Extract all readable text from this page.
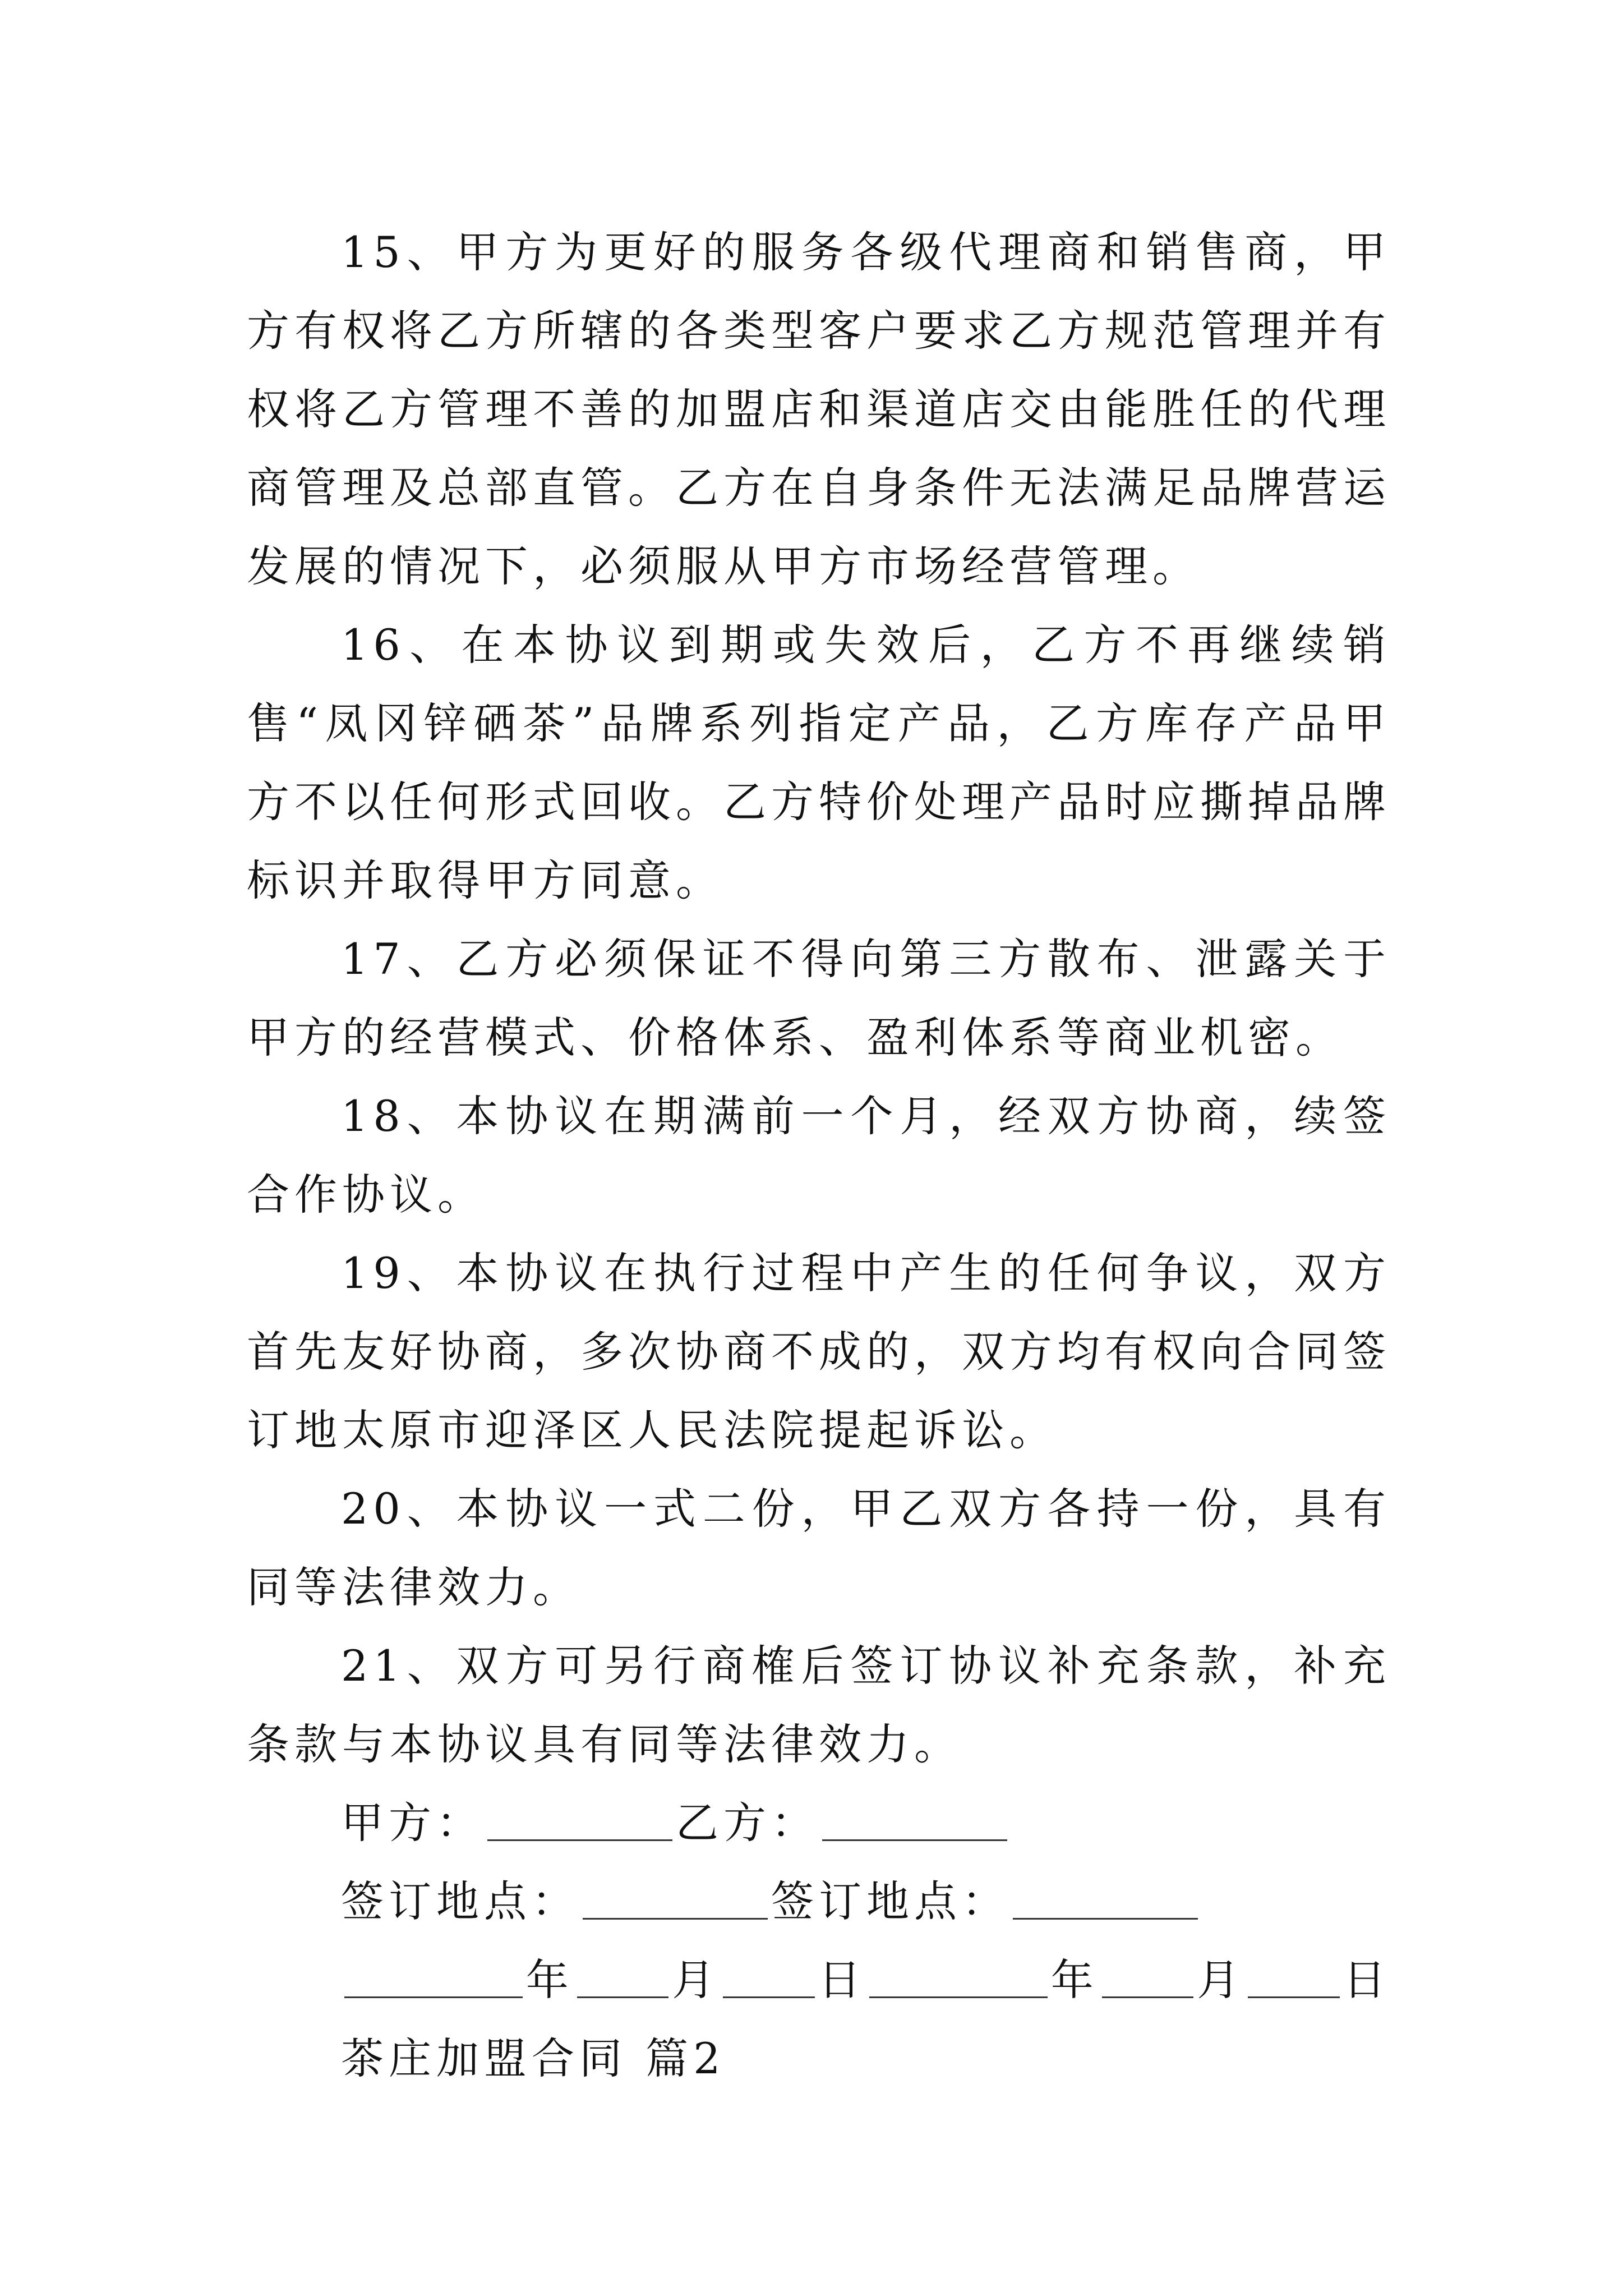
15、甲方为更好的服务各级代理商和销售商，甲方有权将乙方所辖的各类型客户要求乙方规范管理并有权将乙方管理不善的加盟店和渠道店交由能胜任的代理商管理及总部直管。乙方在自身条件无法满足品牌营运发展的情况下，必须服从甲方市场经营管理。

16、在本协议到期或失效后，乙方不再继续销售“凤冈锌硒茶”品牌系列指定产品，乙方库存产品甲方不以任何形式回收。乙方特价处理产品时应撕掉品牌标识并取得甲方同意。

17、乙方必须保证不得向第三方散布、泄露关于甲方的经营模式、价格体系、盈利体系等商业机密。

18、本协议在期满前一个月，经双方协商，续签合作协议。

19、本协议在执行过程中产生的任何争议，双方首先友好协商，多次协商不成的，双方均有权向合同签订地太原市迎泽区人民法院提起诉讼。

20、本协议一式二份，甲乙双方各持一份，具有同等法律效力。

21、双方可另行商榷后签订协议补充条款，补充条款与本协议具有同等法律效力。

甲方：	乙方：
签订地点：	签订地点：
年 月 日	年 月 日
茶庄加盟合同 篇2
